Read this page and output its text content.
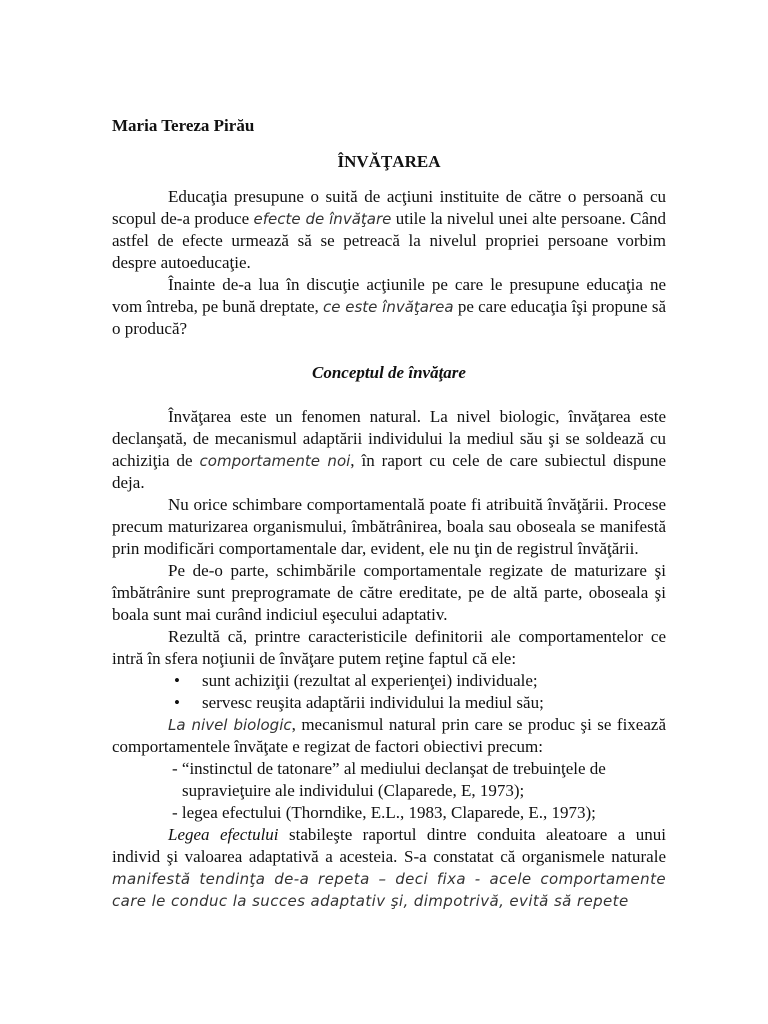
Maria Tereza Pirău
ÎNVĂŢAREA

Educaţia presupune o suită de acţiuni instituite de către o persoană cu scopul de-a produce efecte de învăţare utile la nivelul unei alte persoane. Când astfel de efecte urmează să se petreacă la nivelul propriei persoane vorbim despre autoeducaţie.

Înainte de-a lua în discuţie acţiunile pe care le presupune educaţia ne vom întreba, pe bună dreptate, ce este învăţarea pe care educaţia îşi propune să o producă?

Conceptul de învăţare

Învăţarea este un fenomen natural. La nivel biologic, învăţarea este declanşată, de mecanismul adaptării individului la mediul său şi se soldează cu achiziţia de comportamente noi, în raport cu cele de care subiectul dispune deja.

Nu orice schimbare comportamentală poate fi atribuită învăţării. Procese precum maturizarea organismului, îmbătrânirea, boala sau oboseala se manifestă prin modificări comportamentale dar, evident, ele nu ţin de registrul învăţării.

Pe de-o parte, schimbările comportamentale regizate de maturizare şi îmbătrânire sunt preprogramate de către ereditate, pe de altă parte, oboseala şi boala sunt mai curând indiciul eşecului adaptativ.

Rezultă că, printre caracteristicile definitorii ale comportamentelor ce intră în sfera noţiunii de învăţare putem reţine faptul că ele:

• sunt achiziţii (rezultat al experienţei) individuale;
• servesc reuşita adaptării individului la mediul său;

La nivel biologic, mecanismul natural prin care se produc şi se fixează comportamentele învăţate e regizat de factori obiectivi precum:

- “instinctul de tatonare” al mediului declanşat de trebuinţele de
supravieţuire ale individului (Claparede, E, 1973);
- legea efectului (Thorndike, E.L., 1983, Claparede, E., 1973);

Legea efectului stabileşte raportul dintre conduita aleatoare a unui individ şi valoarea adaptativă a acesteia. S-a constatat că organismele naturale manifestă tendinţa de-a repeta – deci fixa - acele comportamente care le conduc la succes adaptativ şi, dimpotrivă, evită să repete
